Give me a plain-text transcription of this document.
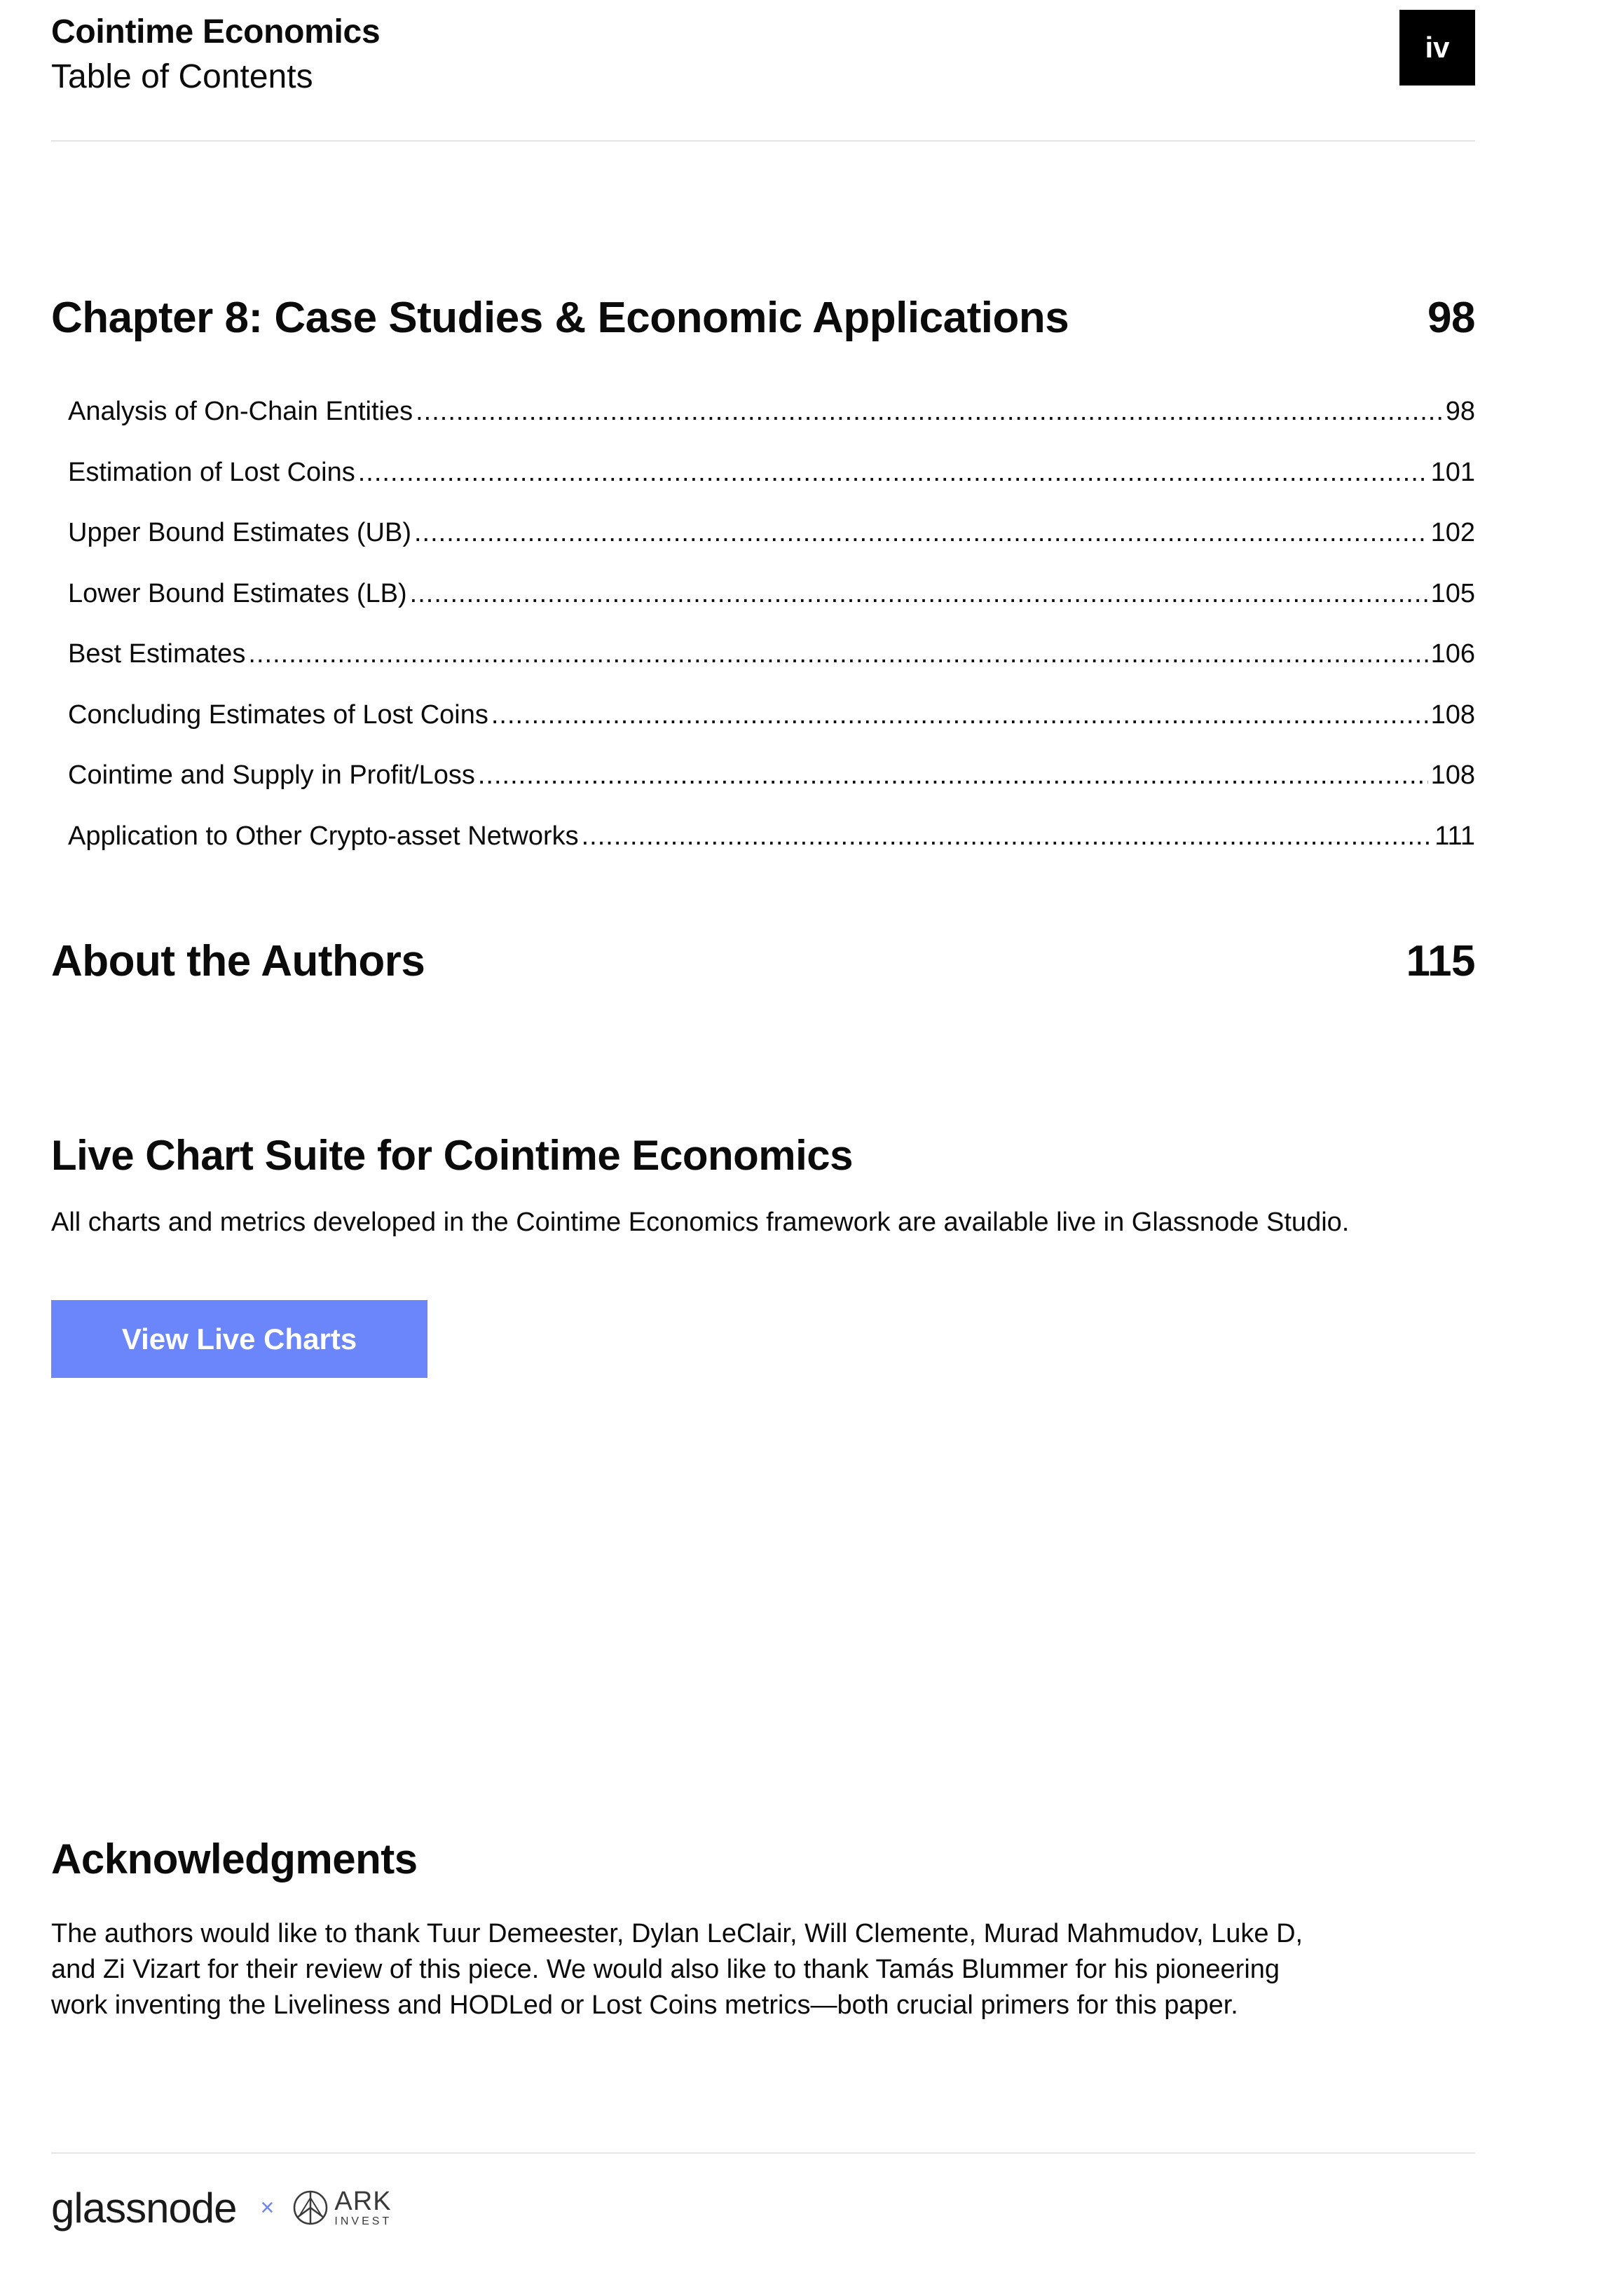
Cointime Economics
Table of Contents
iv
Chapter 8: Case Studies & Economic Applications	98
Analysis of On-Chain Entities .....	98
Estimation of Lost Coins .....	101
Upper Bound Estimates (UB) .....	102
Lower Bound Estimates (LB) .....	105
Best Estimates .....	106
Concluding Estimates of Lost Coins .....	108
Cointime and Supply in Profit/Loss .....	108
Application to Other Crypto-asset Networks .....	111
About the Authors	115
Live Chart Suite for Cointime Economics
All charts and metrics developed in the Cointime Economics framework are available live in Glassnode Studio.
View Live Charts
Acknowledgments
The authors would like to thank Tuur Demeester, Dylan LeClair, Will Clemente, Murad Mahmudov, Luke D,
and Zi Vizart for their review of this piece. We would also like to thank Tamás Blummer for his pioneering
work inventing the Liveliness and HODLed or Lost Coins metrics—both crucial primers for this paper.
glassnode × ARK
INVEST
